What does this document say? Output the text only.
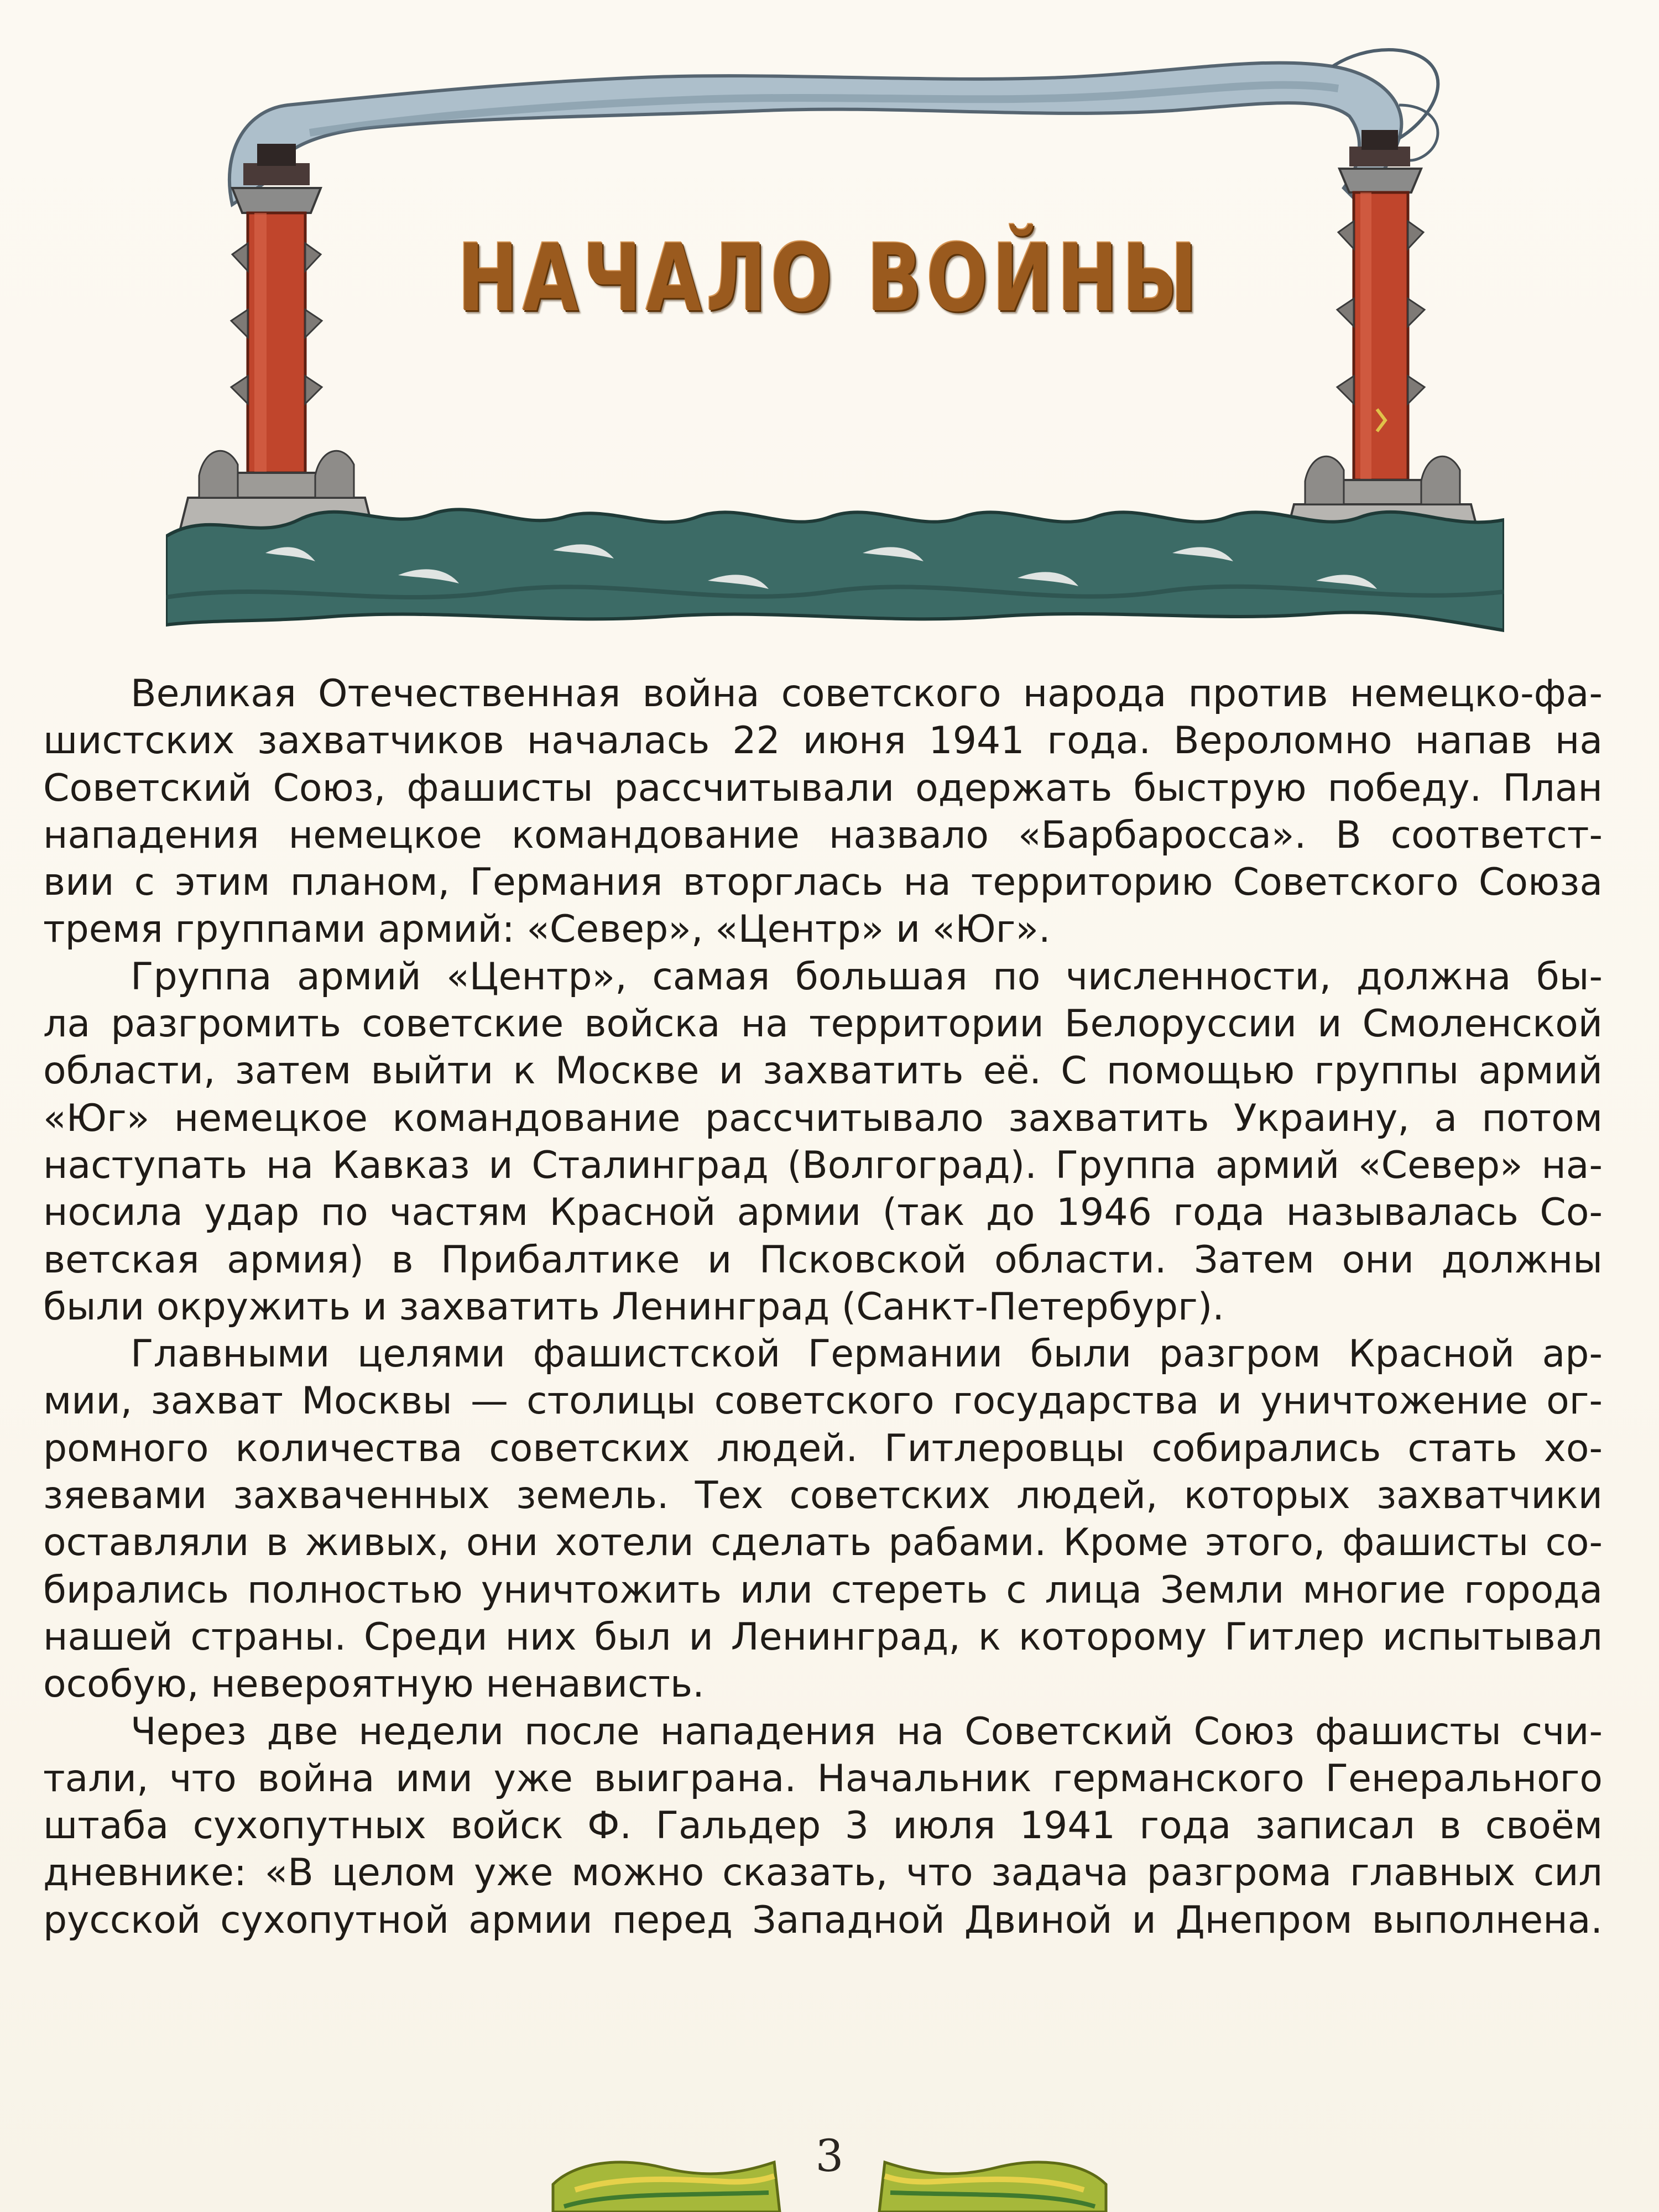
НАЧАЛО ВОЙНЫ
Великая Отечественная война советского народа против немецко-фа-
шистских захватчиков началась 22 июня 1941 года. Вероломно напав на
Советский Союз, фашисты рассчитывали одержать быструю победу. План
нападения немецкое командование назвало «Барбаросса». В соответст-
вии с этим планом, Германия вторглась на территорию Советского Союза
тремя группами армий: «Север», «Центр» и «Юг».
Группа армий «Центр», самая большая по численности, должна бы-
ла разгромить советские войска на территории Белоруссии и Смоленской
области, затем выйти к Москве и захватить её. С помощью группы армий
«Юг» немецкое командование рассчитывало захватить Украину, а потом
наступать на Кавказ и Сталинград (Волгоград). Группа армий «Север» на-
носила удар по частям Красной армии (так до 1946 года называлась Со-
ветская армия) в Прибалтике и Псковской области. Затем они должны
были окружить и захватить Ленинград (Санкт-Петербург).
Главными целями фашистской Германии были разгром Красной ар-
мии, захват Москвы — столицы советского государства и уничтожение ог-
ромного количества советских людей. Гитлеровцы собирались стать хо-
зяевами захваченных земель. Тех советских людей, которых захватчики
оставляли в живых, они хотели сделать рабами. Кроме этого, фашисты со-
бирались полностью уничтожить или стереть с лица Земли многие города
нашей страны. Среди них был и Ленинград, к которому Гитлер испытывал
особую, невероятную ненависть.
Через две недели после нападения на Советский Союз фашисты счи-
тали, что война ими уже выиграна. Начальник германского Генерального
штаба сухопутных войск Ф. Гальдер 3 июля 1941 года записал в своём
дневнике: «В целом уже можно сказать, что задача разгрома главных сил
русской сухопутной армии перед Западной Двиной и Днепром выполнена.
3
